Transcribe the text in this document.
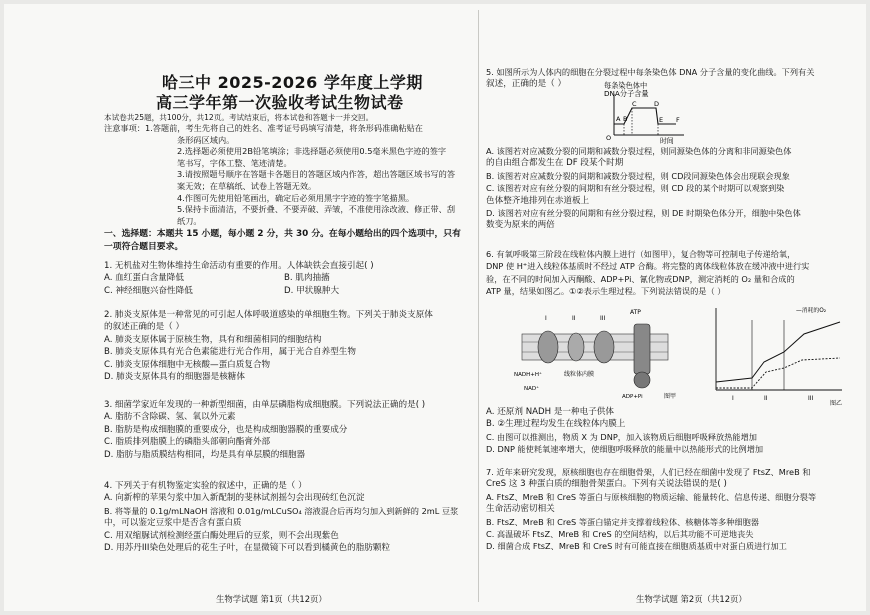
哈三中 2025-2026 学年度上学期
高三学年第一次验收考试生物试卷

本试卷共25题，共100分，共12页。考试结束后，将本试卷和答题卡一并交回。

注意事项：1.答题前，考生先将自己的姓名、准考证号码填写清楚，将条形码准确粘贴在

条形码区域内。

2.选择题必须使用2B铅笔填涂；非选择题必须使用0.5毫米黑色字迹的签字

笔书写，字体工整、笔迹清楚。

3.请按照题号顺序在答题卡各题目的答题区域内作答，超出答题区域书写的答

案无效；在草稿纸、试卷上答题无效。

4.作图可先使用铅笔画出，确定后必须用黑字字迹的签字笔描黑。

5.保持卡面清洁，不要折叠、不要弄破、弄皱，不准使用涂改液、修正带、刮

纸刀。

一、选择题：本题共 15 小题，每小题 2 分，共 30 分。在每小题给出的四个选项中，只有

一项符合题目要求。

1. 无机盐对生物体维持生命活动有重要的作用。人体缺铁会直接引起( )

A. 血红蛋白含量降低	B. 肌肉抽搐
C. 神经细胞兴奋性降低	D. 甲状腺肿大

2. 肺炎支原体是一种常见的可引起人体呼吸道感染的单细胞生物。下列关于肺炎支原体

的叙述正确的是（ ）

A. 肺炎支原体属于原核生物，具有和细菌相同的细胞结构

B. 肺炎支原体具有光合色素能进行光合作用，属于光合自养型生物

C. 肺炎支原体细胞中无核酸—蛋白质复合物

D. 肺炎支原体具有的细胞器是核糖体

3. 细菌学家近年发现的一种新型细菌，由单层磷脂构成细胞膜。下列说法正确的是( )

A. 脂肪不含除碳、氢、氧以外元素

B. 脂肪是构成细胞膜的重要成分，也是构成细胞器膜的重要成分

C. 脂质排列脂膜上的磷脂头部朝向酯膏外部

D. 脂肪与脂质膜结构相同，均是具有单层膜的细胞器

4. 下列关于有机物鉴定实验的叙述中，正确的是（ ）

A. 向新榨的苹果匀浆中加入新配制的斐林试剂摇匀会出现砖红色沉淀

B. 将等量的 0.1g/mLNaOH 溶液和 0.01g/mLCuSO₄ 溶液混合后再均匀加入到新鲜的 2mL 豆浆

中，可以鉴定豆浆中是否含有蛋白质

C. 用双缩脲试剂检测经蛋白酶处理后的豆浆，则不会出现紫色

D. 用苏丹III染色处理后的花生子叶，在显微镜下可以看到橘黄色的脂肪颗粒

生物学试题 第1页（共12页）

5. 如图所示为人体内的细胞在分裂过程中每条染色体 DNA 分子含量的变化曲线。下列有关

叙述，正确的是（ ）	每条染色体中
DNA分子含量
A B
C	D
E F
O	时间

A. 该图若对应减数分裂的同期和减数分裂过程，则同源染色体的分离和非同源染色体

的自由组合都发生在 DF 段某个时期

B. 该图若对应减数分裂的间期和减数分裂过程，则 CD段同源染色体会出现联会现象

C. 该图若对应有丝分裂的间期和有丝分裂过程，则 CD 段的某个时期可以观察到染

色体整齐地排列在赤道板上

D. 该图若对应有丝分裂的间期和有丝分裂过程，则 DE 时期染色体分开，细胞中染色体

数变为原来的两倍

6. 有氧呼吸第三阶段在线粒体内膜上进行（如图甲），复合物等可控制电子传递给氧，

DNP 使 H⁺进入线粒体基质时不经过 ATP 合酶。将完整的离体线粒体放在缓冲液中进行实

验，在不同的时间加入丙酮酸、ADP+Pi、氰化物或DNP，测定消耗的 O₂ 量和合成的

ATP 量，结果如图乙。①②表示生理过程。下列说法错误的是（ ）

NADH+H⁺
NAD⁺
I	II	III
ATP
ADP+Pi
线粒体内膜
图甲
—消耗的O₂
I	II	III
图乙

A. 还原剂 NADH 是一种电子供体

B. ②生理过程均发生在线粒体内膜上

C. 由图可以推测出，物质 X 为 DNP，加入该物质后细胞呼吸释放热能增加

D. DNP 能使耗氧速率增大，使细胞呼吸释放的能量中以热能形式的比例增加

7. 近年来研究发现，原核细胞也存在细胞骨架，人们已经在细菌中发现了 FtsZ、MreB 和

CreS 这 3 种蛋白质的细胞骨架蛋白。下列有关说法错误的是( )

A. FtsZ、MreB 和 CreS 等蛋白与原核细胞的物质运输、能量转化、信息传递、细胞分裂等

生命活动密切相关

B. FtsZ、MreB 和 CreS 等蛋白锚定并支撑着线粒体、核糖体等多种细胞器

C. 高温破坏 FtsZ、MreB 和 CreS 的空间结构，以后其功能不可逆地丧失

D. 细菌合成 FtsZ、MreB 和 CreS 时有可能直接在细胞质基质中对蛋白质进行加工

生物学试题 第2页（共12页）
